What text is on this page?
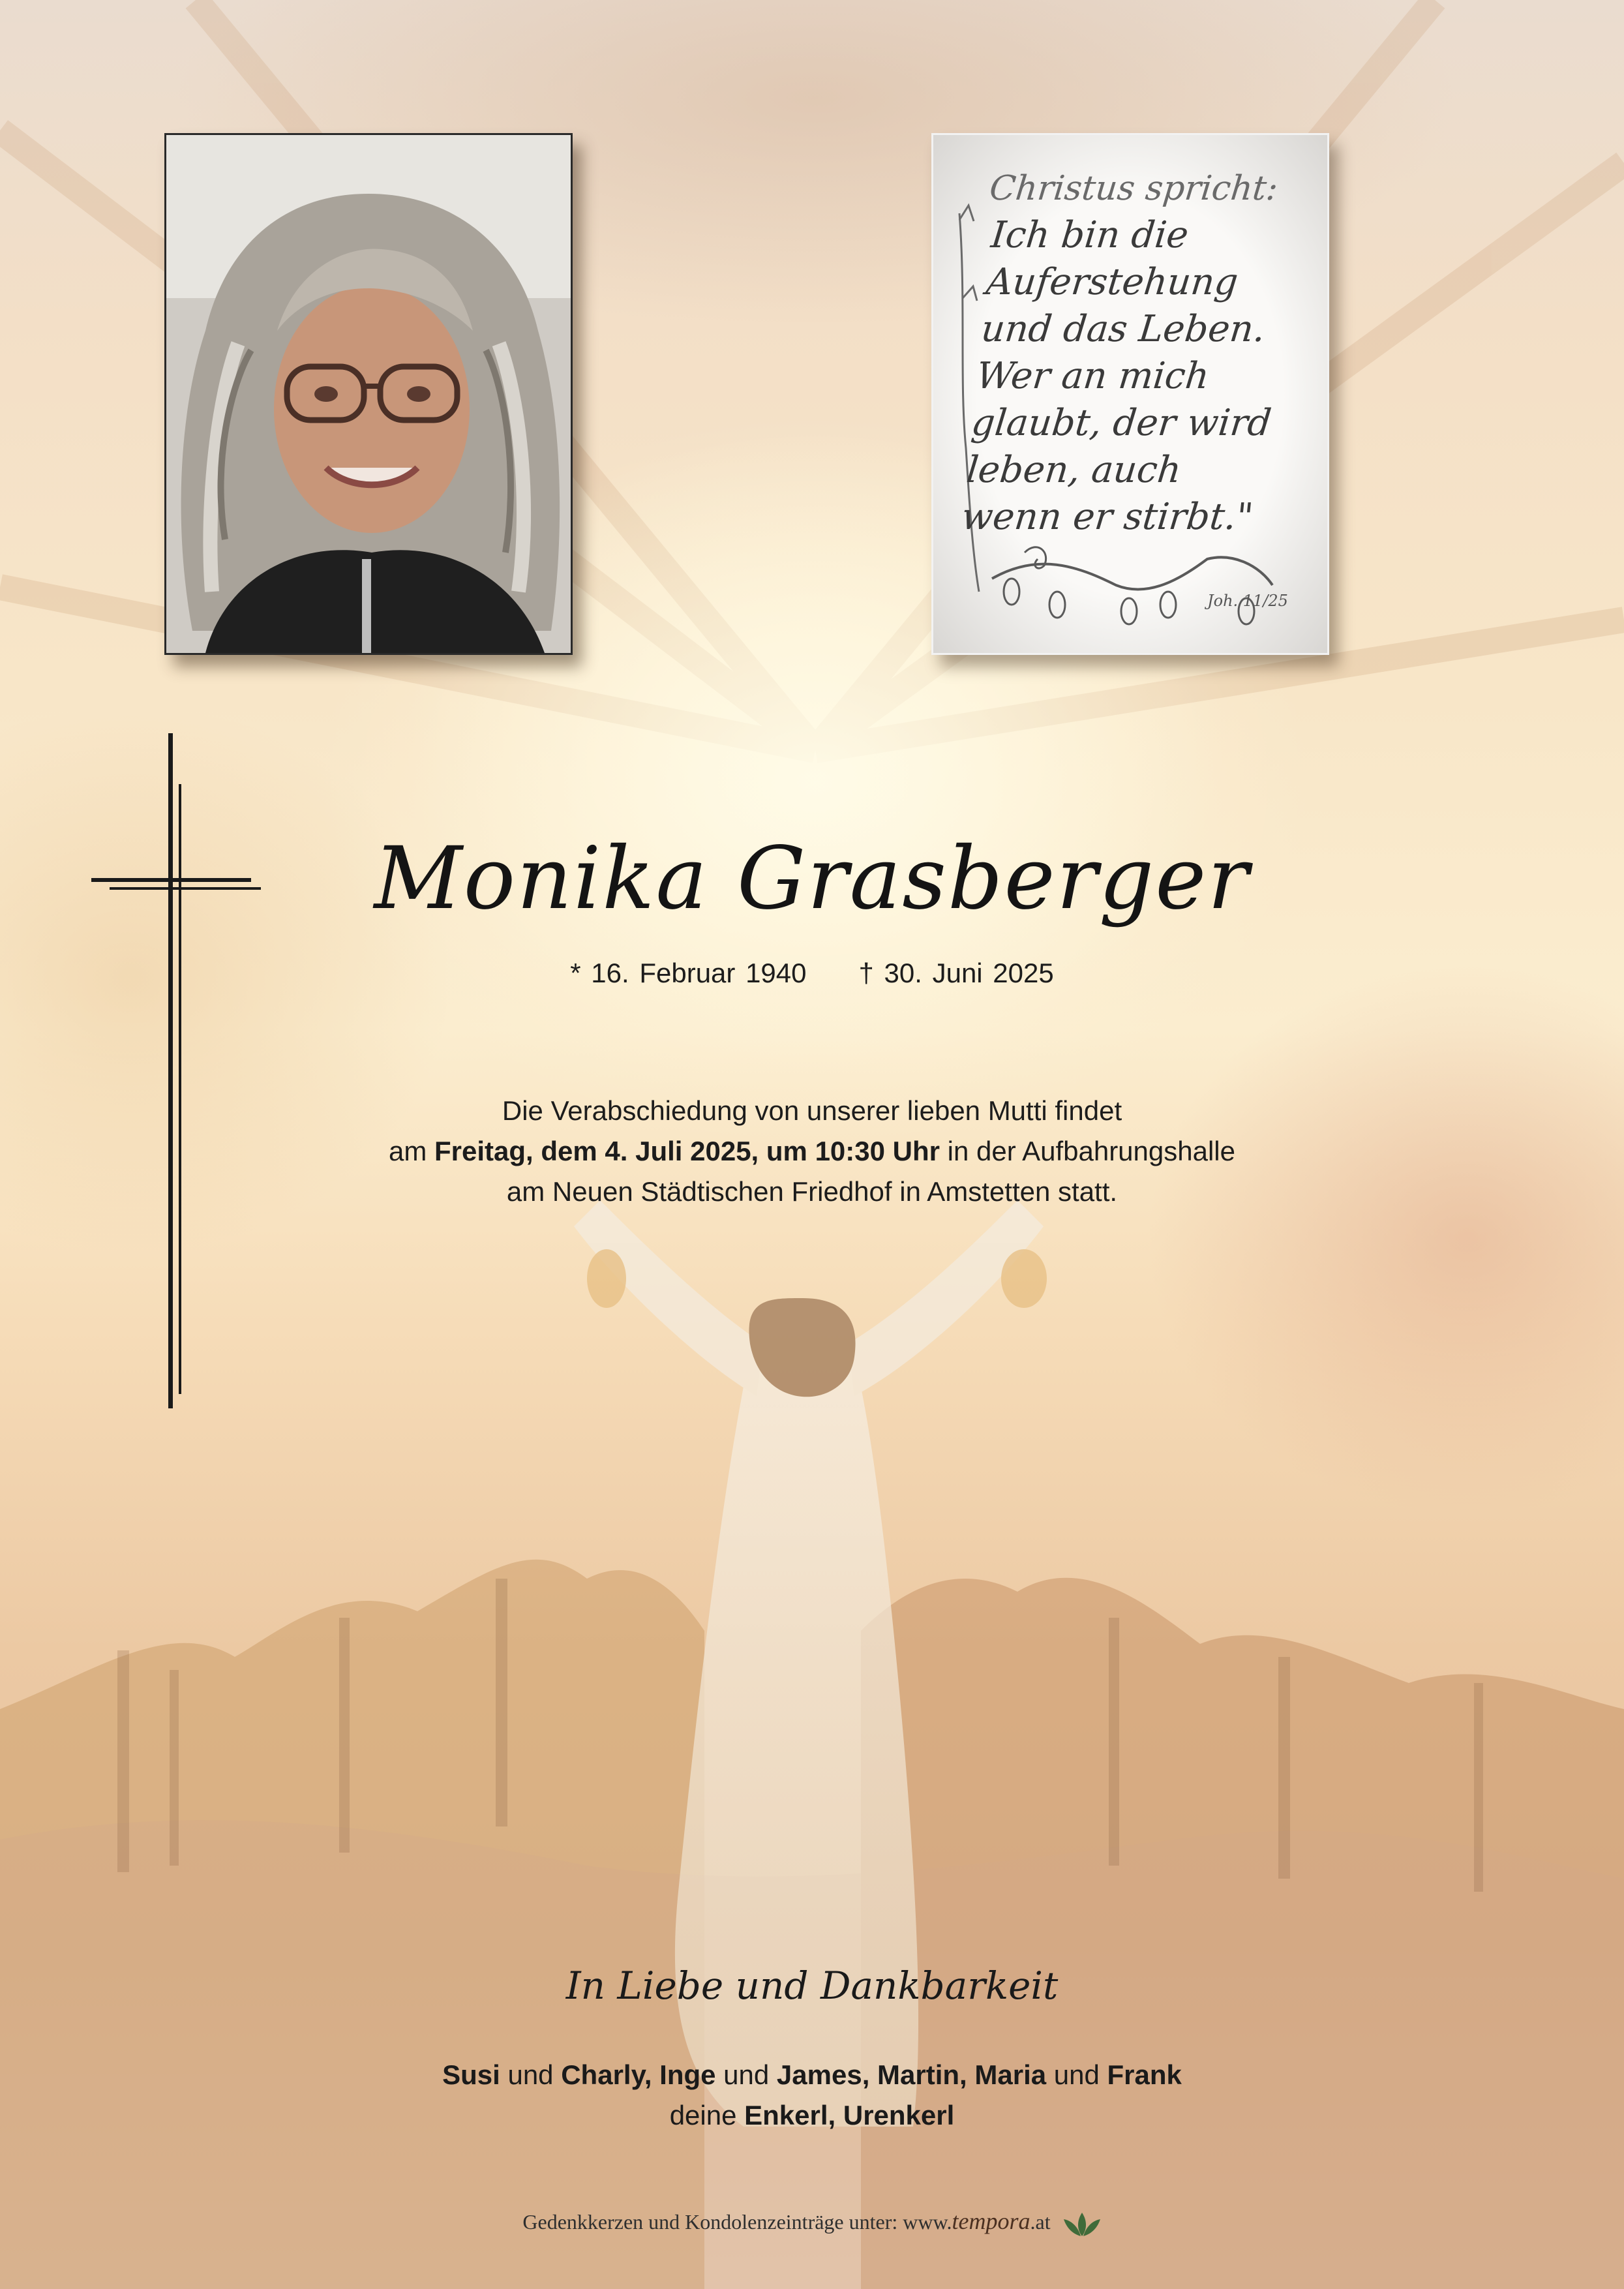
Christus spricht:
Ich bin die
Auferstehung
und das Leben.
Wer an mich
glaubt, der wird
leben, auch
wenn er stirbt."
Joh. 11/25
Monika Grasberger
* 16. Februar 1940 † 30. Juni 2025
Die Verabschiedung von unserer lieben Mutti findet
am Freitag, dem 4. Juli 2025, um 10:30 Uhr in der Aufbahrungshalle
am Neuen Städtischen Friedhof in Amstetten statt.
In Liebe und Dankbarkeit
Susi und Charly, Inge und James, Martin, Maria und Frank
deine Enkerl, Urenkerl
Gedenkkerzen und Kondolenzeinträge unter: www.tempora.at
